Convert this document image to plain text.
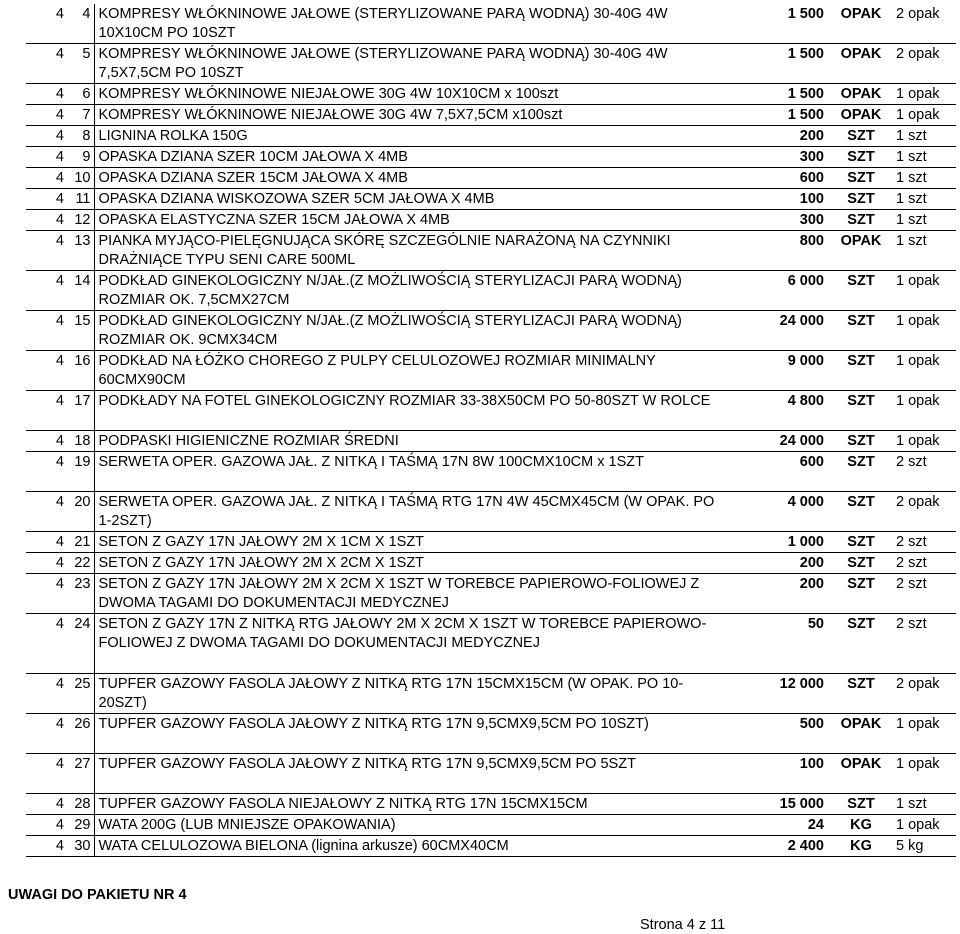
4	4	KOMPRESY WŁÓKNINOWE JAŁOWE (STERYLIZOWANE PARĄ WODNĄ) 30-40G 4W 10X10CM PO 10SZT	1 500	OPAK	2 opak
4	5	KOMPRESY WŁÓKNINOWE JAŁOWE (STERYLIZOWANE PARĄ WODNĄ) 30-40G 4W 7,5X7,5CM PO 10SZT	1 500	OPAK	2 opak
4	6	KOMPRESY WŁÓKNINOWE NIEJAŁOWE 30G 4W 10X10CM x 100szt	1 500	OPAK	1 opak
4	7	KOMPRESY WŁÓKNINOWE NIEJAŁOWE 30G 4W 7,5X7,5CM x100szt	1 500	OPAK	1 opak
4	8	LIGNINA ROLKA 150G	200	SZT	1 szt
4	9	OPASKA DZIANA SZER 10CM JAŁOWA X 4MB	300	SZT	1 szt
4	10	OPASKA DZIANA SZER 15CM JAŁOWA X 4MB	600	SZT	1 szt
4	11	OPASKA DZIANA WISKOZOWA SZER 5CM JAŁOWA X 4MB	100	SZT	1 szt
4	12	OPASKA ELASTYCZNA SZER 15CM JAŁOWA X 4MB	300	SZT	1 szt
4	13	PIANKA MYJĄCO-PIELĘGNUJĄCA SKÓRĘ SZCZEGÓLNIE NARAŻONĄ NA CZYNNIKI DRAŻNIĄCE TYPU SENI CARE 500ML	800	OPAK	1 szt
4	14	PODKŁAD GINEKOLOGICZNY N/JAŁ.(Z MOŻLIWOŚCIĄ STERYLIZACJI PARĄ WODNĄ) ROZMIAR OK. 7,5CMX27CM	6 000	SZT	1 opak
4	15	PODKŁAD GINEKOLOGICZNY N/JAŁ.(Z MOŻLIWOŚCIĄ STERYLIZACJI PARĄ WODNĄ) ROZMIAR OK. 9CMX34CM	24 000	SZT	1 opak
4	16	PODKŁAD NA ŁÓŻKO CHOREGO Z PULPY CELULOZOWEJ ROZMIAR MINIMALNY 60CMX90CM	9 000	SZT	1 opak
4	17	PODKŁADY NA FOTEL GINEKOLOGICZNY ROZMIAR 33-38X50CM PO 50-80SZT W ROLCE	4 800	SZT	1 opak
4	18	PODPASKI HIGIENICZNE ROZMIAR ŚREDNI	24 000	SZT	1 opak
4	19	SERWETA OPER. GAZOWA JAŁ. Z NITKĄ I TAŚMĄ 17N 8W 100CMX10CM x 1SZT	600	SZT	2 szt
4	20	SERWETA OPER. GAZOWA JAŁ. Z NITKĄ I TAŚMĄ RTG 17N 4W 45CMX45CM (W OPAK. PO 1-2SZT)	4 000	SZT	2 opak
4	21	SETON Z GAZY 17N JAŁOWY 2M X 1CM X 1SZT	1 000	SZT	2 szt
4	22	SETON Z GAZY 17N JAŁOWY 2M X 2CM X 1SZT	200	SZT	2 szt
4	23	SETON Z GAZY 17N JAŁOWY 2M X 2CM X 1SZT W TOREBCE PAPIEROWO-FOLIOWEJ Z DWOMA TAGAMI DO DOKUMENTACJI MEDYCZNEJ	200	SZT	2 szt
4	24	SETON Z GAZY 17N Z NITKĄ RTG JAŁOWY 2M X 2CM X 1SZT W TOREBCE PAPIEROWO-FOLIOWEJ Z DWOMA TAGAMI DO DOKUMENTACJI MEDYCZNEJ	50	SZT	2 szt
4	25	TUPFER GAZOWY FASOLA JAŁOWY Z NITKĄ RTG 17N 15CMX15CM (W OPAK. PO 10-20SZT)	12 000	SZT	2 opak
4	26	TUPFER GAZOWY FASOLA JAŁOWY Z NITKĄ RTG 17N 9,5CMX9,5CM PO 10SZT)	500	OPAK	1 opak
4	27	TUPFER GAZOWY FASOLA JAŁOWY Z NITKĄ RTG 17N 9,5CMX9,5CM PO 5SZT	100	OPAK	1 opak
4	28	TUPFER GAZOWY FASOLA NIEJAŁOWY Z NITKĄ RTG 17N 15CMX15CM	15 000	SZT	1 szt
4	29	WATA 200G (LUB MNIEJSZE OPAKOWANIA)	24	KG	1 opak
4	30	WATA CELULOZOWA BIELONA (lignina arkusze) 60CMX40CM	2 400	KG	5 kg
UWAGI DO PAKIETU NR 4
Strona 4 z 11
